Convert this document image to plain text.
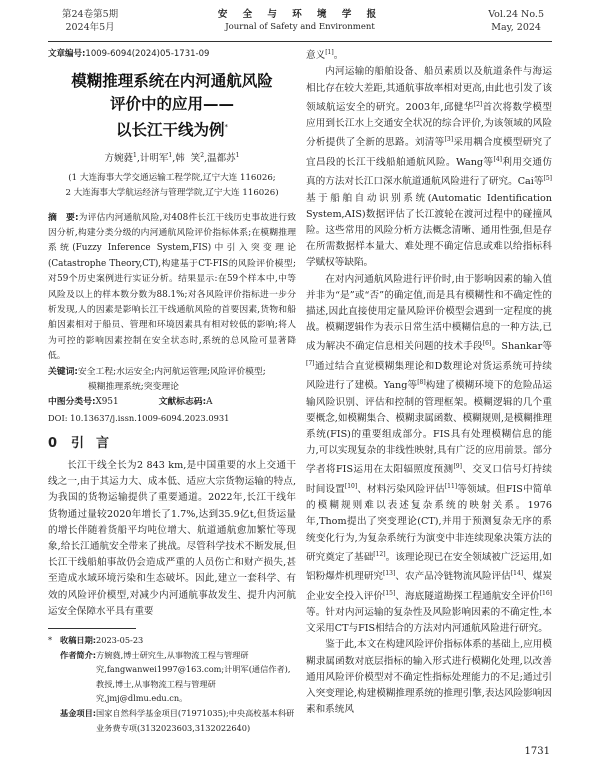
第24卷第5期
2024年5月
安 全 与 环 境 学 报
Journal of Safety and Environment
Vol.24 No.5
May, 2024
文章编号:1009-6094(2024)05-1731-09
模糊推理系统在内河通航风险
评价中的应用——
以长江干线为例*
方婉蕤$^1$,计明军$^1$,韩  笑$^2$,温都苏$^1$
(1 大连海事大学交通运输工程学院,辽宁大连 116026;
2 大连海事大学航运经济与管理学院,辽宁大连 116026)
摘　要:为评估内河通航风险,对408件长江干线历史事故进行致因分析,构建分类分级的内河通航风险评价指标体系;在模糊推理系统(Fuzzy Inference System,FIS)中引入突变理论(Catastrophe Theory,CT),构建基于CT-FIS的风险评价模型;对59个历史案例进行实证分析。结果显示:在59个样本中,中等风险及以上的样本数分数为88.1%;对各风险评价指标进一步分析发现,人的因素是影响长江干线通航风险的首要因素,货物和船舶因素相对于船员、管理和环境因素具有相对较低的影响;将人为可控的影响因素控制在安全状态时,系统的总风险可显著降低。
关键词:安全工程;水运安全;内河航运管理;风险评价模型;
模糊推理系统;突变理论
中图分类号:X951	文献标志码:A
DOI: 10.13637/j.issn.1009-6094.2023.0931
0 引言

长江干线全长为2 843 km,是中国重要的水上交通干线之一,由于其运力大、成本低、适应大宗货物运输的特点,为我国的货物运输提供了重要通道。2022年,长江干线年货物通过量较2020年增长了1.7%,达到35.9亿t,但货运量的增长伴随着货船平均吨位增大、航道通航愈加繁忙等现象,给长江通航安全带来了挑战。尽管科学技术不断发展,但长江干线船舶事故仍会造成严重的人员伤亡和财产损失,甚至造成水域环境污染和生态破坏。因此,建立一套科学、有效的风险评价模型,对减少内河通航事故发生、提升内河航运安全保障水平具有重要

* 收稿日期: 2023-05-23
作者简介: 方婉蕤,博士研究生,从事物流工程与管理研究,fangwanwei1997@163.com;计明军(通信作者),教授,博士,从事物流工程与管理研究,jmj@dlmu.edu.cn。
基金项目: 国家自然科学基金项目(71971035);中央高校基本科研业务费专项(3132023603,3132022640)

意义[1]。

内河运输的船舶设备、船员素质以及航道条件与海运相比存在较大差距,其通航事故率相对更高,由此也引发了该领域航运安全的研究。2003年,邱健华[2]首次将数学模型应用到长江水上交通安全状况的综合评价,为该领域的风险分析提供了全新的思路。刘清等[3]采用耦合度模型研究了宜昌段的长江干线船舶通航风险。Wang等[4]利用交通仿真的方法对长江口深水航道通航风险进行了研究。Cai等[5]基于船舶自动识别系统(Automatic Identification System,AIS)数据评估了长江渡轮在渡河过程中的碰撞风险。这些常用的风险分析方法概念清晰、通用性强,但是存在所需数据样本量大、难处理不确定信息或难以给指标科学赋权等缺陷。

在对内河通航风险进行评价时,由于影响因素的输入值并非为“是”或“否”的确定值,而是具有模糊性和不确定性的描述,因此直接使用定量风险评价模型会遇到一定程度的挑战。模糊逻辑作为表示日常生活中模糊信息的一种方法,已成为解决不确定信息相关问题的技术手段[6]。Shankar等[7]通过结合直觉模糊集理论和D数理论对货运系统可持续风险进行了建模。Yang等[8]构建了模糊环境下的危险品运输风险识别、评估和控制的管理框架。模糊逻辑的几个重要概念,如模糊集合、模糊隶属函数、模糊规则,是模糊推理系统(FIS)的重要组成部分。FIS具有处理模糊信息的能力,可以实现复杂的非线性映射,具有广泛的应用前景。部分学者将FIS运用在太阳辐照度预测[9]、交叉口信号灯持续时间设置[10]、材料污染风险评估[11]等领域。但FIS中简单的模糊规则难以表述复杂系统的映射关系。1976年,Thom提出了突变理论(CT),并用于预测复杂无序的系统变化行为,为复杂系统行为演变中非连续现象决策方法的研究奠定了基础[12]。该理论现已在安全领域被广泛运用,如铝粉爆炸机理研究[13]、农产品冷链物流风险评估[14]、煤炭企业安全投入评价[15]、海底隧道勘探工程通航安全评价[16]等。针对内河运输的复杂性及风险影响因素的不确定性,本文采用CT与FIS相结合的方法对内河通航风险进行研究。

鉴于此,本文在构建风险评价指标体系的基础上,应用模糊隶属函数对底层指标的输入形式进行模糊化处理,以改善通用风险评价模型对不确定性指标处理能力的不足;通过引入突变理论,构建模糊推理系统的推理引擎,表达风险影响因素和系统风

1731
